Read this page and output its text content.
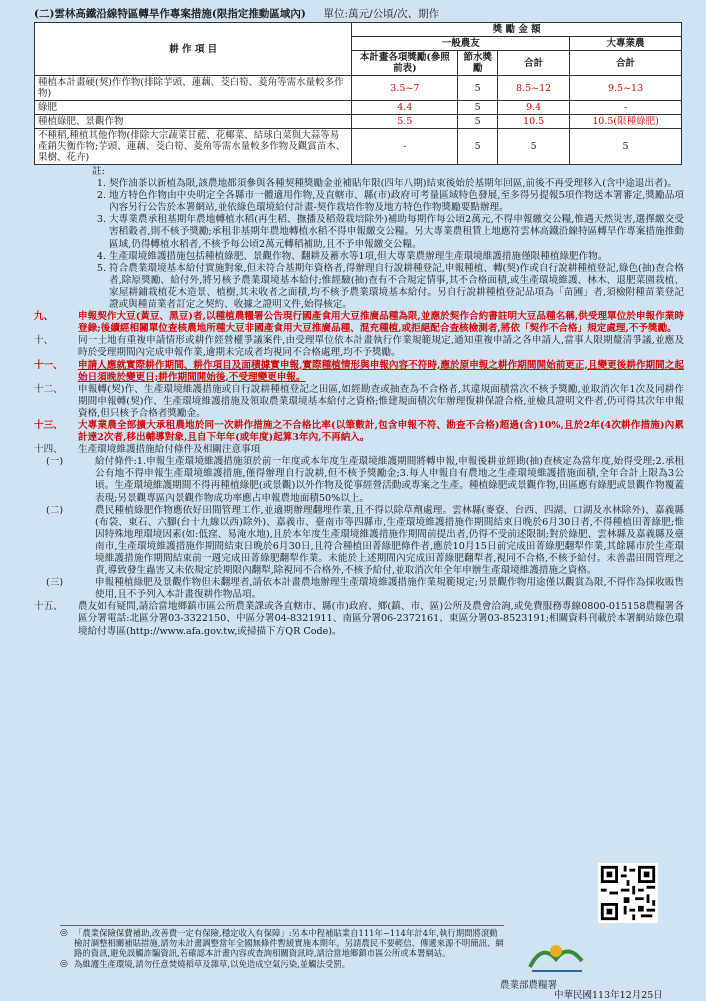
(二)雲林高鐵沿線特區轉旱作專案措施(限指定推動區域內) 單位:萬元/公頃/次、期作
耕 作 項 目	獎 勵 金 額			
	一般農友			大專業農
	本計畫各項獎勵(參照前表)	節水獎勵	合計	合計
種植本計畫硬(契)作作物(排除芋頭、蓮藕、茭白筍、菱角等需水量較多作物)	3.5~7	5	8.5~12	9.5~13
綠肥	4.4	5	9.4	-
種植綠肥、景觀作物	5.5	5	10.5	10.5(限種綠肥)
不種稻,種植其他作物(排除大宗蔬菜甘藍、花椰菜、結球白菜與大蒜等易產銷失衡作物;芋頭、蓮藕、茭白筍、菱角等需水量較多作物及觀賞苗木、果樹、花卉)	-	5	5	5
註:
1. 契作油茶以新植為限,該農地都須參與各種契種獎勵金並補貼年限(四年八期)結束後始於基期年回區,前後不再受理移入(含中途退出者)。
2. 地方特色作物由中央明定全各縣市一體適用作物,及直轄市、縣(市)政府可考量區域特色發展,至多得另提報5項作物送本署審定,獎勵品項內容另行公告於本署網站,並依綠色環境給付計畫-契作栽培作物及地方特色作物獎勵要點辦理。
3. 大專業農承租基期年農地轉植水稻(再生稻、撫播及稻殼栽培除外)補助每期作每公頃2萬元,不得申報繳交公糧,惟遇天然災害,選擇繳交受害稻穀者,則不核予獎勵;承租非基期年農地轉植水稻不得申報繳交公糧。另大專業農租賃上地應符雲林高鐵沿線特區轉旱作專案措施推動區域,仍得轉植水稻者,不核予每公頃2萬元轉稻補助,且不予申報繳交公糧。
4. 生產環境維護措施包括種植綠肥、景觀作物、翻耕及蓄水等1項,但大專業農辦理生產環境維護措施僅限種植綠肥作物。
5. 符合農業環境基本給付實施對象,但未符合基期年資格者,得辦理自行說耕種登記,申報種植、轉(契)作或自行說耕種植登記,綠色(抽)查合格者,除原獎勵、給付外,將另核予農業環境基本給付;惟經驗(抽)查有不合規定情事,其不合格面積,或生產環境維護、林木、退肥菜園栽植、家屋耕鋪栽植花木造景、植樹,其未收者之面積,均不核予農業環境基本給付。另自行說耕種植登記品項為「苗圃」者,須檢附種苗業登記證或與種苗業者訂定之契約、收據之證明文件,始得核定。
九、	申報契作大豆(黃豆、黑豆)者,以種植農糧署公告現行國產食用大豆推廣品種為限,並應於契作合約書註明大豆品種名稱,供受理單位於申報作業時登錄;後續經相關單位查核農地所種大豆非國產食用大豆推廣品種、混充種植,或拒絕配合查核檢測者,將依「契作不合格」規定處理,不予獎勵。
十、	同一土地有重複申請情形或耕作經營權爭議案件,由受理單位依本計畫執行作業規範規定,通知重複申請之各申請人,當事人限期釐清爭議,並應及時於受理期間內完成申報作業,逾期未完成者均視同不合格處理,均不予獎勵。
十一、	申請人應就實際耕作期間、耕作項目及面積據實申報,實際種植情形與申報內容不符時,應於原申報之耕作期間開始前更正,且變更後耕作期間之起始日須晚於變更日;耕作期間開始後,不受理變更申報。
十二、	申報轉(契)作、生產環境維護措施或自行說耕種植登記之田區,如經勘查或抽查為不合格者,其違規面積當次不核予獎勵,並取消次年1次及同耕作期間申報轉(契)作、生產環境維護措施及領取農業環境基本給付之資格;惟建規面積次年辦理復耕保證合格,並檢具證明文件者,仍可得其次年申報資格,但只核予合格者獎勵金。
十三、	大專業農全部擴大承租農地於同一次耕作措施之不合格比率(以筆數計,包含申報不符、勘查不合格)超過(含)10%,且於2年(4次耕作措施)內累計達2次者,移出輔導對象,且自下年年(或年度)起算3年內,不再納入。
十四、	生產環境維護措施給付條件及相關注意事項
(一)	給付條件:1.申報生產環境維護措施須於前一年度或本年度生產環境維護期間將轉申報,申報後耕並經勘(抽)查核定為當年度,始得受理;2.承租公有地不得申報生產環境維護措施,僅得辦理自行說耕,但不核予獎勵金;3.每人申報自有農地之生產環境維護措施面積,全年合計上限為3公頃。生產環境維護期間不得再種植綠肥(或景觀)以外作物及從事經營活動或專案之生產。種植綠肥或景觀作物,田區應有綠肥或景觀作物覆蓋表現;另景觀專區內景觀作物成功率應占申報農地面積50%以上。
(二)	農民種植綠肥作物應依好田間管理工作,並適期辦理翻埋作業,且不得以除草劑處理。雲林縣(麥寮、台西、四湖、口湖及水林除外)、嘉義縣(布袋、東石、六腳(台十九線以西)除外)、嘉義市、臺南市等四縣市,生產環境維護措施作期間結束日晚於6月30日者,不得種植田菁綠肥;惟因特殊地理環境因素(如:低窪、易淹水地),且於本年度生產環境維護措施作期間前提出者,仍得不受前述限制;對於綠肥、雲林縣及嘉義縣及臺南市,生產環境維護措施作期間結束日晚於6月30日,且符合種植田菁綠肥條件者,應於10月15日前完成田菁綠肥翻犁作業,其餘縣市於生產環境維護措施作期間結束前一週完成田菁綠肥翻犁作業。未能於上述期間內完成田菁綠肥翻犁者,視同不合格,不核予給付。未善盡田間管理之責,導致發生蟲害又未依規定於期限內翻犁,除視同不合格外,不核予給付,並取消次年全年申辦生產環境維護措施之資格。
(三)	申報種植綠肥及景觀作物但未翻埋者,請依本計畫農地辦理生產環境維護措施作業規範規定;另景觀作物用途僅以觀賞為限,不得作為採收販售使用,且不予列入本計畫復耕作物品項。
十五、	農友如有疑問,請洽當地鄉鎮市區公所農業課或各直轄市、縣(市)政府、鄉(鎮、市、區)公所及農會洽詢,或免費服務專線0800-015158農糧署各區分署電話:北區分署03-3322150、中區分署04-8321911、南區分署06-2372161、東區分署03-8523191;相關資料刊載於本署網站綠色環境給付專區(http://www.afa.gov.tw,或掃描下方QR Code)。
◎ 「農業保險保費補助,改善費一定有保險,穩定收入有保障」:另本中程補貼業自111年~114年計4年,執行期間將滾動檢討調整相關補貼措施,請勿未計畫調整當年全國無條件暫緩實施本期年。另請農民不要輕信、傳遞來源不明簡訊、網路的資訊,避免誤觸詐騙資訊,若確認本計畫內容或查詢相關資訊時,請洽當地鄉鎮市區公所或本署網站。
◎ 為維護生產環境,請勿任意焚燒稻草及雜草,以免造成空氣污染,並觸法受罰。
農業部農糧署
中華民國113年12月25日
